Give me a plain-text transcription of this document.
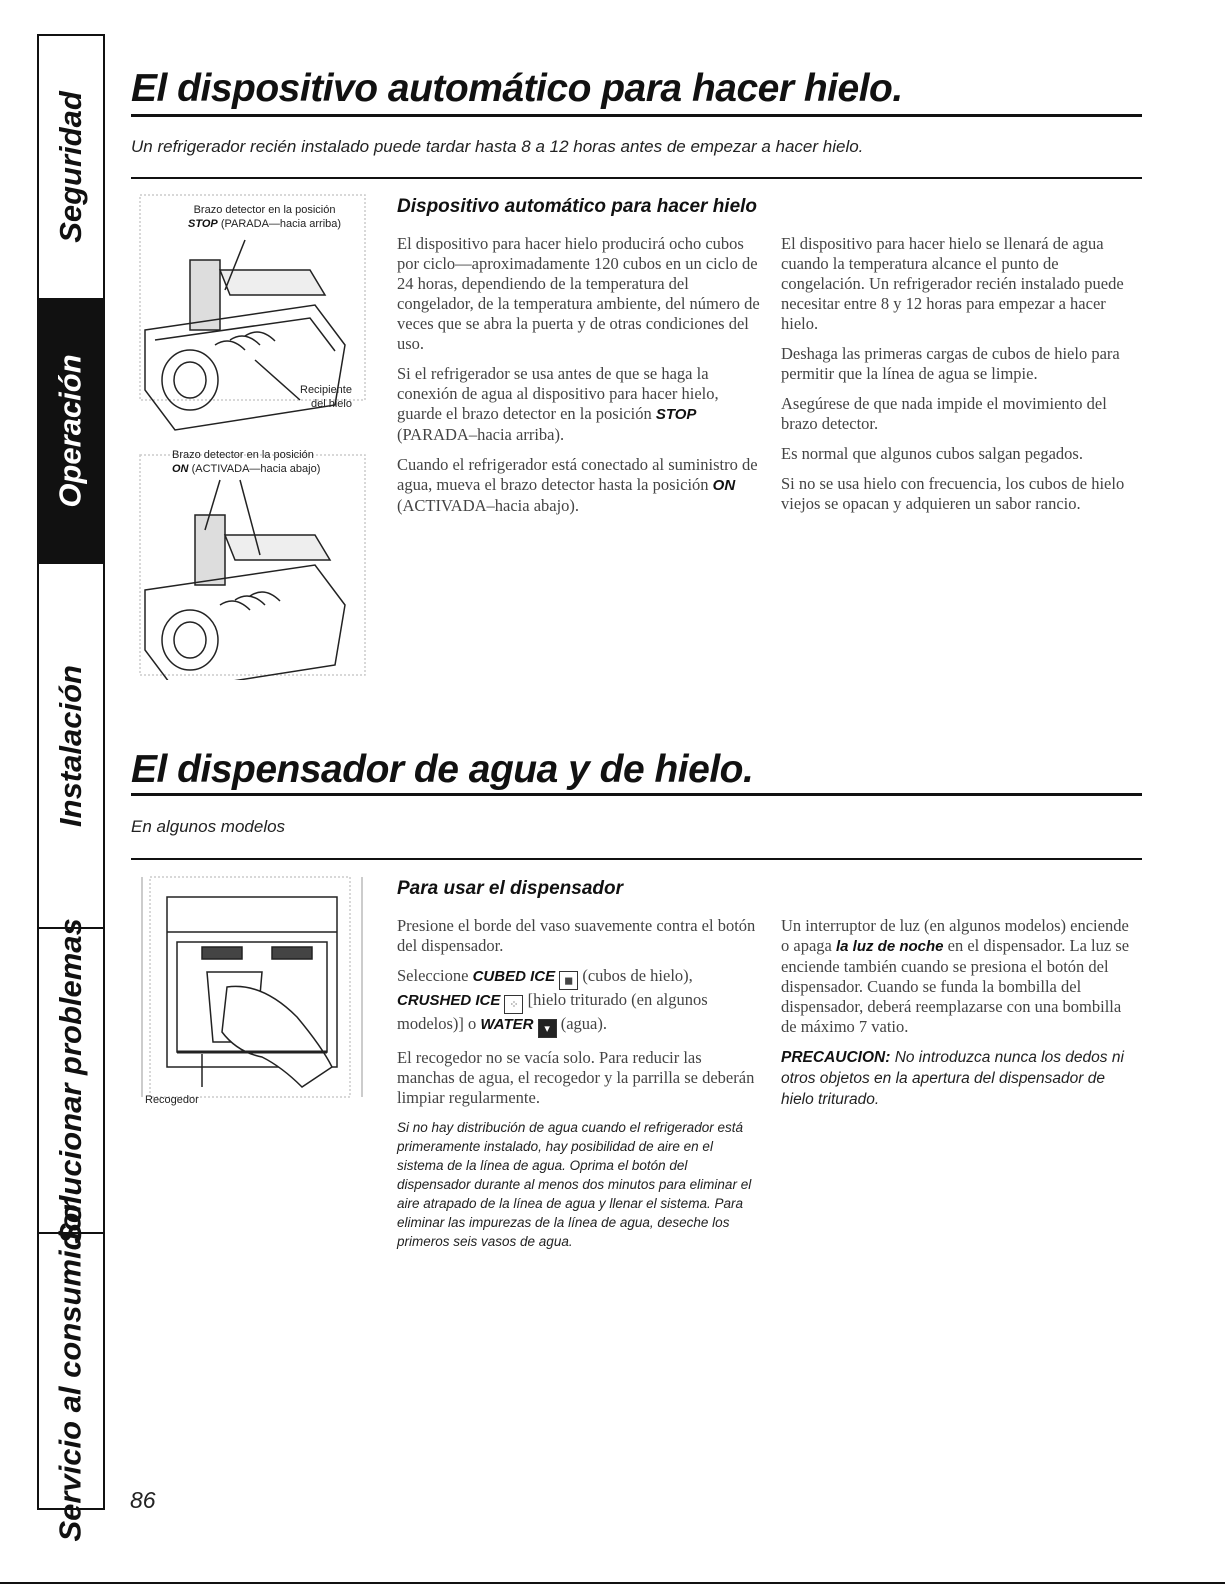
Seguridad
Operación
Instalación
Solucionar problemas
Servicio al consumidor
El dispositivo automático para hacer hielo.

Un refrigerador recién instalado puede tardar hasta 8 a 12 horas antes de empezar a hacer hielo.

Brazo detector en la posición
STOP (PARADA—hacia arriba)
Recipiente
del hielo
Brazo detector en la posición
ON (ACTIVADA—hacia abajo)

Dispositivo automático para hacer hielo

El dispositivo para hacer hielo producirá ocho cubos por ciclo—aproximadamente 120 cubos en un ciclo de 24 horas, dependiendo de la temperatura del congelador, de la temperatura ambiente, del número de veces que se abra la puerta y de otras condiciones del uso.

Si el refrigerador se usa antes de que se haga la conexión de agua al dispositivo para hacer hielo, guarde el brazo detector en la posición STOP (PARADA–hacia arriba).

Cuando el refrigerador está conectado al suministro de agua, mueva el brazo detector hasta la posición ON (ACTIVADA–hacia abajo).

El dispositivo para hacer hielo se llenará de agua cuando la temperatura alcance el punto de congelación. Un refrigerador recién instalado puede necesitar entre 8 y 12 horas para empezar a hacer hielo.

Deshaga las primeras cargas de cubos de hielo para permitir que la línea de agua se limpie.

Asegúrese de que nada impide el movimiento del brazo detector.

Es normal que algunos cubos salgan pegados.

Si no se usa hielo con frecuencia, los cubos de hielo viejos se opacan y adquieren un sabor rancio.

El dispensador de agua y de hielo.

En algunos modelos

Recogedor

Para usar el dispensador

Presione el borde del vaso suavemente contra el botón del dispensador.

Seleccione CUBED ICE ◼ (cubos de hielo), CRUSHED ICE ⁘ [hielo triturado (en algunos modelos)] o WATER ▾ (agua).

El recogedor no se vacía solo. Para reducir las manchas de agua, el recogedor y la parrilla se deberán limpiar regularmente.

Si no hay distribución de agua cuando el refrigerador está primeramente instalado, hay posibilidad de aire en el sistema de la línea de agua. Oprima el botón del dispensador durante al menos dos minutos para eliminar el aire atrapado de la línea de agua y llenar el sistema. Para eliminar las impurezas de la línea de agua, deseche los primeros seis vasos de agua.

Un interruptor de luz (en algunos modelos) enciende o apaga la luz de noche en el dispensador. La luz se enciende también cuando se presiona el botón del dispensador. Cuando se funda la bombilla del dispensador, deberá reemplazarse con una bombilla de máximo 7 vatio.

PRECAUCION: No introduzca nunca los dedos ni otros objetos en la apertura del dispensador de hielo triturado.

86
